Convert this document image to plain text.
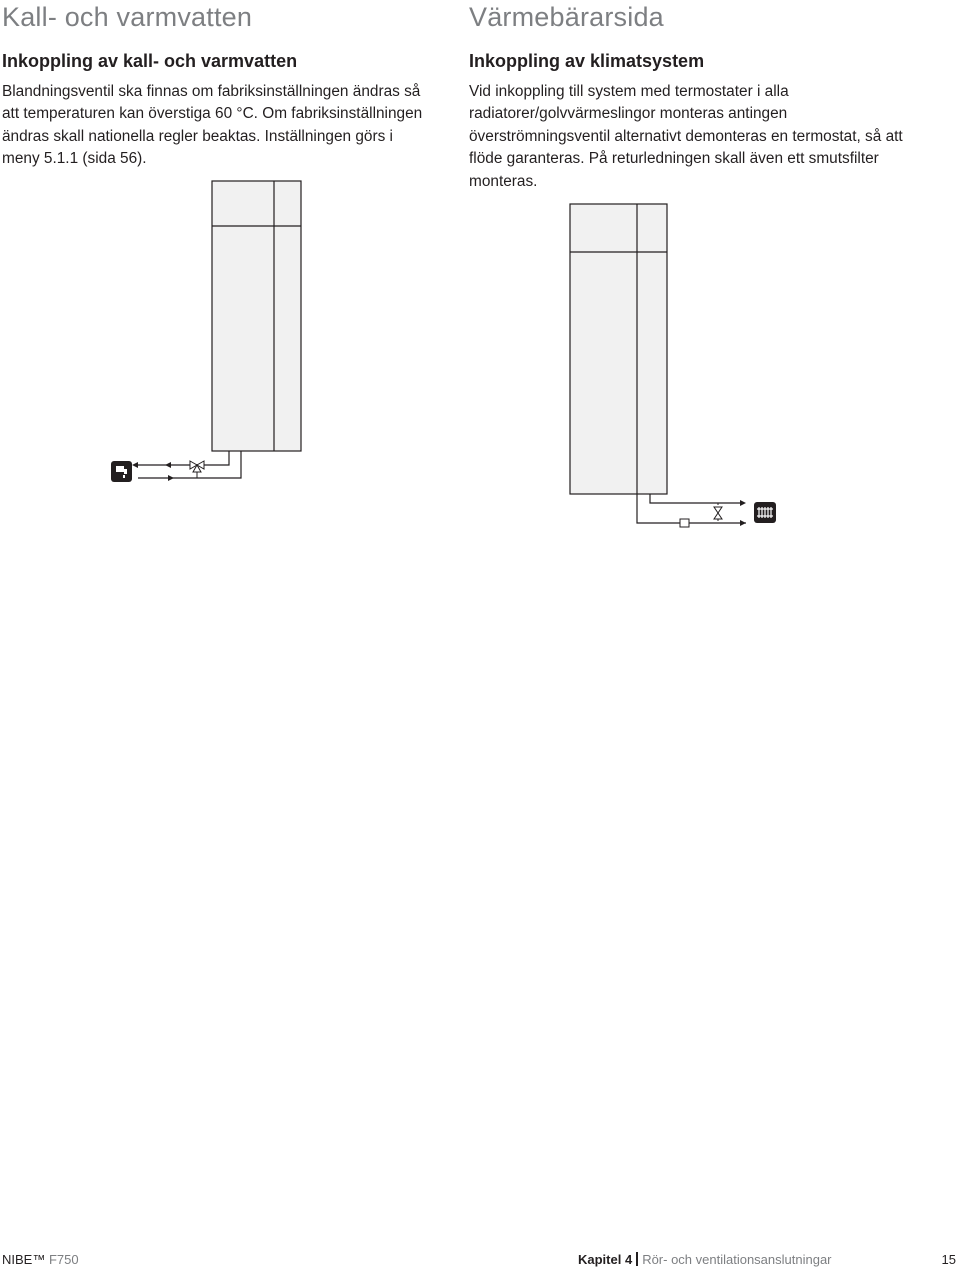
Kall- och varmvatten
Inkoppling av kall- och varmvatten

Blandningsventil ska finnas om fabriksinställningen ändras så att temperaturen kan överstiga 60 °C. Om fabriksinställningen ändras skall nationella regler beaktas. Inställningen görs i meny 5.1.1 (sida 56).

Värmebärarsida
Inkoppling av klimatsystem

Vid inkoppling till system med termostater i alla radiatorer/golvvärmeslingor monteras antingen överströmningsventil alternativt demonteras en termostat, så att flöde garanteras. På returledningen skall även ett smutsfilter monteras.

NIBE™ F750	Kapitel 4 Rör- och ventilationsanslutningar	15
